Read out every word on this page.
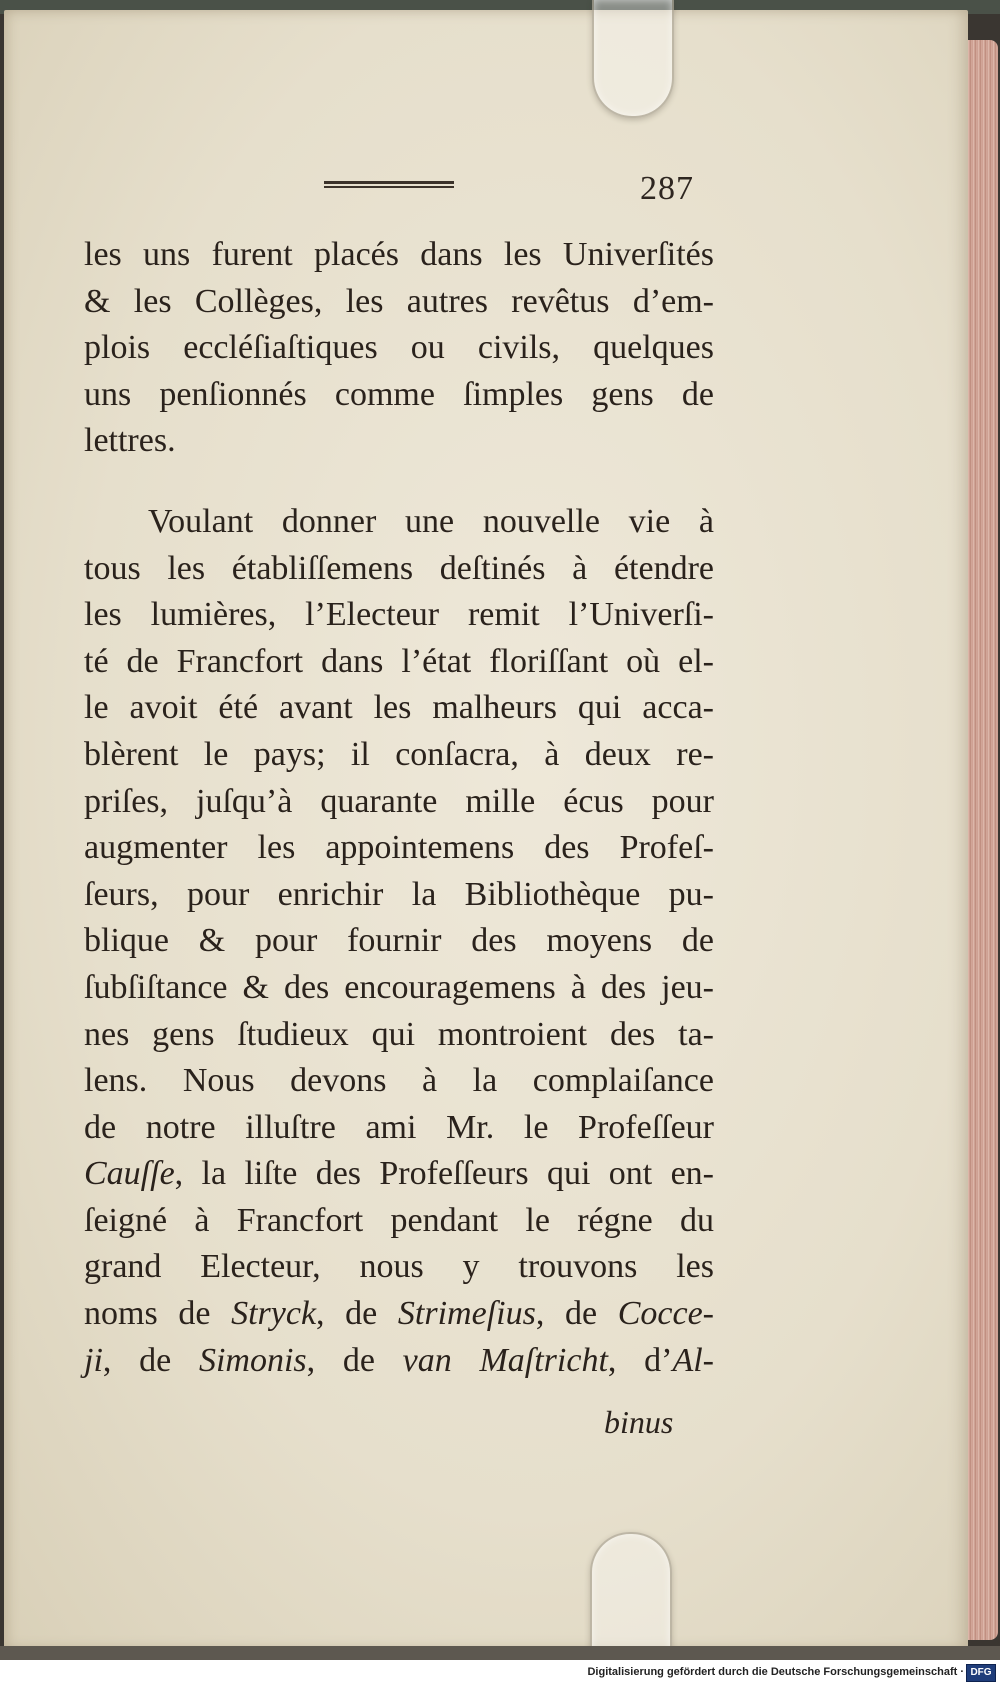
287
les uns furent placés dans les Univerſités
& les Collèges, les autres revêtus d’em-
plois eccléſiaſtiques ou civils, quelques
uns penſionnés comme ſimples gens de
lettres.
Voulant donner une nouvelle vie à
tous les établiſſemens deſtinés à étendre
les lumières, l’Electeur remit l’Univerſi-
té de Francfort dans l’état floriſſant où el-
le avoit été avant les malheurs qui acca-
blèrent le pays; il conſacra, à deux re-
priſes, juſqu’à quarante mille écus pour
augmenter les appointemens des Profeſ-
ſeurs, pour enrichir la Bibliothèque pu-
blique & pour fournir des moyens de
ſubſiſtance & des encouragemens à des jeu-
nes gens ſtudieux qui montroient des ta-
lens. Nous devons à la complaiſance
de notre illuſtre ami Mr. le Profeſſeur
Cauſſe, la liſte des Profeſſeurs qui ont en-
ſeigné à Francfort pendant le régne du
grand Electeur, nous y trouvons les
noms de Stryck, de Strimeſius, de Cocce-
ji, de Simonis, de van Maſtricht, d’Al-
binus
Digitalisierung gefördert durch die Deutsche Forschungsgemeinschaft · DFG
